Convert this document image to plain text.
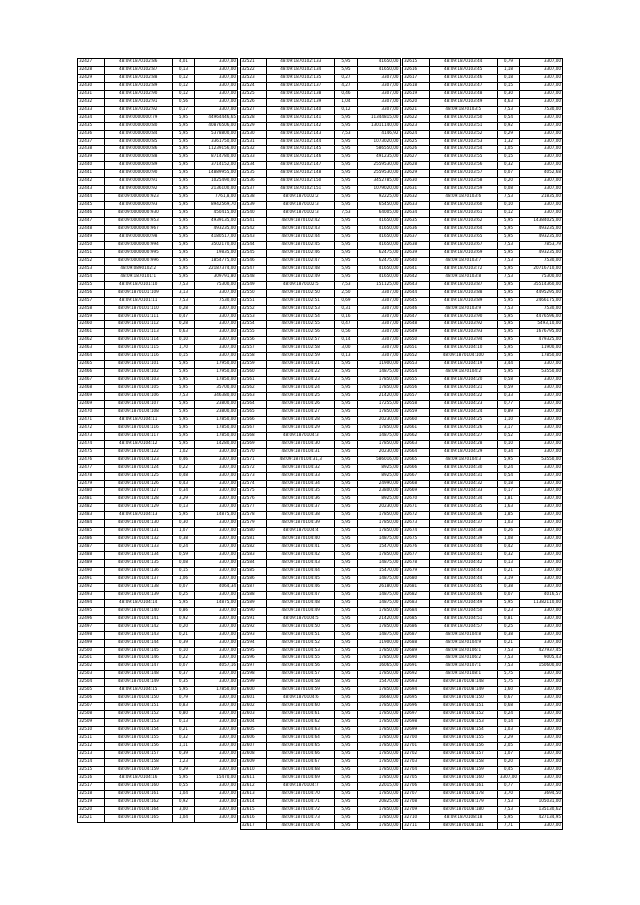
32427	48:09:1870102:86	4,01	3307,00
32428	48:09:1870102:87	0,13	3307,00
32429	48:09:1870102:88	0,12	3307,00
32430	48:09:1870102:89	0,12	3307,00
32431	48:09:1870102:90	0,12	3307,00
32432	48:09:1870102:91	0,56	3307,00
32433	48:09:1870102:92	0,17	3307,00
32434	48:09:0000000:79	5,95	44964446,65
32435	48:09:0000000:80	5,95	40876506,00
32436	48:09:0000000:84	5,95	5378800,00
32437	48:09:0000000:85	5,95	3361750,00
32438	48:09:0000000:86	5,95	11239156,00
32439	48:09:0000000:88	5,95	8714780,00
32440	48:09:0000000:89	5,95	3714152,00
32441	48:09:0000000:90	5,95	14889955,00
32442	48:09:0000000:91	5,95	1025490,00
32443	48:09:0000000:92	5,95	2136100,00
32444	48:09:0000000:923	5,95	7761,8,00
32445	48:09:0000000:93	5,95	8942569,70
32446	48:09:0000000:930	5,95	450415,00
32447	48:09:0000000:953	5,95	4939135,00
32448	48:09:0000000:967	5,95	493235,00
32449	48:09:0000000:98	5,95	4180517,00
32450	48:09:0000000:994	5,95	3502170,00
32451	48:09:0000000:995	5,95	19835,00
32452	48:09:0000000:996	5,95	1854775,00
32453	48:09:0890102:2	5,95	22187374,00
32454	48:09:1870101:1	5,95	309791,80
32455	48:09:1870101:10	7,53	75300,00
32456	48:09:1870101:109	3,13	3307,00
32457	48:09:1870101:11	7,53	7530,00
32458	48:09:1870101:110	0,28	3307,00
32459	48:09:1870101:111	0,47	3307,00
32460	48:09:1870101:112	0,28	3307,00
32461	48:09:1870101:113	0,63	3307,00
32462	48:09:1870101:114	0,10	3307,00
32463	48:09:1870101:115	1,70	3307,00
32464	48:09:1870101:116	0,15	3307,00
32465	48:09:1870101:101	5,95	17950,00
32466	48:09:1870104:102	5,95	17950,00
32467	48:09:1870104:103	5,95	17850,00
32468	48:09:1870104:105	5,95	35700,00
32469	48:09:1870104:106	7,53	346380,00
32469	48:09:1870104:107	5,95	23800,00
32470	48:09:1870104:108	5,95	23800,00
32471	48:09:1870104:11	5,95	17850,00
32472	48:09:1870104:116	5,95	17850,00
32473	48:09:1870104:117	5,95	17850,00
32474	48:09:1870104:12	5,95	14280,00
32475	48:09:1870104:122	1,02	3307,00
32476	48:09:1870104:123	0,46	3307,00
32477	48:09:1870104:124	0,22	3307,00
32478	48:09:1870104:125	0,48	3307,00
32479	48:09:1870104:126	0,43	3307,00
32480	48:09:1870104:127	0,34	3307,00
32481	48:09:1870104:128	3,29	3307,00
32482	48:09:1870104:129	0,13	3307,00
32483	48:09:1870104:13	5,95	14875,00
32484	48:09:1870104:130	0,30	3307,00
32485	48:09:1870104:131	1,07	3307,00
32486	48:09:1870104:132	0,38	3307,00
32487	48:09:1870104:133	0,24	3307,00
32488	48:09:1870104:134	0,59	3307,00
32489	48:09:1870104:135	0,08	3307,00
32490	48:09:1870104:136	0,15	3307,00
32491	48:09:1870104:137	1,06	3307,00
32492	48:09:1870104:138	0,07	4064,34
32493	48:09:1870104:139	0,25	3307,00
32494	48:09:1870104:14	5,95	14875,00
32495	48:09:1870104:140	0,86	3307,00
32496	48:09:1870104:141	0,92	3307,00
32497	48:09:1870104:142	0,20	3307,00
32498	48:09:1870104:143	0,21	3307,00
32499	48:09:1870104:144	0,39	3307,00
32500	48:09:1870104:145	0,10	3307,00
32501	48:09:1870104:146	0,22	3307,00
32502	48:09:1870104:147	0,07	4057,16
32503	48:09:1870104:148	0,37	3307,00
32504	48:09:1870104:149	0,35	3307,00
32505	48:09:1870104:15	5,95	17850,00
32506	48:09:1870104:150	0,79	3307,00
32507	48:09:1870104:151	0,83	3307,00
32508	48:09:1870104:152	0,80	3307,00
32509	48:09:1870104:153	0,13	3307,00
32510	48:09:1870104:154	0,21	3307,00
32511	48:09:1870104:155	0,32	3307,00
32512	48:09:1870104:156	1,11	3307,00
32513	48:09:1870104:157	0,39	3307,00
32514	48:09:1870104:158	1,23	3307,00
32515	48:09:1870104:159	0,29	3307,00
32516	48:09:1870104:16	5,95	15470,00
32517	48:09:1870104:160	0,55	3307,00
32518	48:09:1870104:161	1,04	3307,00
32519	48:09:1870104:162	0,92	3307,00
32520	48:09:1870104:164	3,00	3307,00
32521	48:09:1870104:165	1,04	3307,00
32521	48:09:1870102:133	5,95	41650,00
32522	48:09:1870102:134	5,95	41650,00
32523	48:09:1870102:135	0,27	3307,00
32524	48:09:1870102:137	4,27	3307,00
32525	48:09:1870102:138	0,46	3307,00
32526	48:09:1870102:139	1,04	3307,00
32527	48:09:1870102:140	0,12	3307,00
32528	48:09:1870102:141	5,95	11344815,00
32529	48:09:1870102:142	5,95	13011140,00
32530	48:09:1870102:143	7,53	4146,92
32531	48:09:1870102:144	5,95	1073020,00
32532	48:09:1870102:145	5,95	586550,00
32533	48:09:1870102:146	5,95	491235,00
32534	48:09:1870102:147	5,95	2559530,00
32535	48:09:1870102:148	5,95	2559530,00
32536	48:09:1870102:150	5,95	3452785,00
32537	48:09:1870102:151	5,95	1079020,00
32538	48:09:1870102:2	5,95	92225,00
32539	48:09:1870102:3	5,95	65450,00
32540	48:09:1870102:3	7,53	64005,00
32541	48:09:1870102:42	5,95	41650,00
32542	48:09:1870102:43	5,95	41650,00
32543	48:09:1870102:44	5,95	41650,00
32544	48:09:1870102:45	5,95	41650,00
32545	48:09:1870102:46	5,95	62475,00
32546	48:09:1870102:47	5,95	62475,00
32547	48:09:1870102:48	5,95	41650,00
32548	48:09:1870102:49	5,95	41650,00
32549	48:09:1870102:5	7,53	151125,00
32550	48:09:1870102:50	2,50	3307,00
32551	48:09:1870102:51	0,69	3307,00
32552	48:09:1870102:53	0,31	3307,00
32553	48:09:1870102:54	0,16	3307,00
32554	48:09:1870102:55	0,47	3307,00
32555	48:09:1870102:56	0,56	3307,00
32556	48:09:1870102:57	0,14	3307,00
32557	48:09:1870102:58	3,00	3307,00
32558	48:09:1870102:59	0,13	3307,00
32559	48:09:1870104:21	5,95	11900,00
32560	48:09:1870104:22	5,95	14875,00
32561	48:09:1870104:23	5,95	17850,00
32562	48:09:1870104:24	5,95	17850,00
32563	48:09:1870104:25	5,95	21420,00
32564	48:09:1870104:26	5,95	17255,00
32565	48:09:1870104:27	5,95	17850,00
32566	48:09:1870104:28	5,95	20230,00
32567	48:09:1870104:29	5,95	17850,00
32568	48:09:1870104:3	5,95	14875,00
32569	48:09:1870104:30	5,95	17850,00
32570	48:09:1870104:31	5,95	20230,00
32571	48:09:1870104:31,3	5,95	586016,00
32572	48:09:1870104:32	5,95	8925,00
32573	48:09:1870104:33	5,95	8925,00
32574	48:09:1870104:34	5,95	24990,00
32575	48:09:1870104:35	5,95	23800,00
32576	48:09:1870104:36	5,95	8925,00
32577	48:09:1870104:37	5,95	20230,00
32578	48:09:1870104:38	5,95	17850,00
32579	48:09:1870104:39	5,95	17850,00
32580	48:09:1870104:4	5,95	17850,00
32581	48:09:1870104:40	5,95	14875,00
32582	48:09:1870104:41	5,95	15470,00
32583	48:09:1870104:42	5,95	17850,00
32584	48:09:1870104:43	5,95	14875,00
32585	48:09:1870104:44	5,95	15470,00
32586	48:09:1870104:45	5,95	14875,00
32587	48:09:1870104:46	5,95	26180,00
32588	48:09:1870104:47	5,95	14875,00
32589	48:09:1870104:48	5,95	14875,00
32590	48:09:1870104:49	5,95	17850,00
32591	48:09:1870104:5	5,95	21420,00
32592	48:09:1870104:50	5,95	17850,00
32593	48:09:1870104:51	5,95	14875,00
32594	48:09:1870104:52	5,95	11900,00
32595	48:09:1870104:53	5,95	17850,00
32596	48:09:1870104:55	5,95	17850,00
32597	48:09:1870104:56	5,95	16065,00
32598	48:09:1870104:57	5,95	17850,00
32599	48:09:1870104:58	5,95	15470,00
32600	48:09:1870104:59	5,95	17850,00
32601	48:09:1870104:6	5,95	16660,00
32602	48:09:1870104:60	5,95	17850,00
32603	48:09:1870104:61	5,95	17850,00
32604	48:09:1870104:62	5,95	17850,00
32605	48:09:1870104:63	5,95	17850,00
32606	48:09:1870104:64	5,95	17850,00
32607	48:09:1870104:65	5,95	17850,00
32608	48:09:1870104:66	5,95	17850,00
32609	48:09:1870104:67	5,95	17850,00
32610	48:09:1870104:68	5,95	17850,00
32611	48:09:1870104:69	5,95	17850,00
32612	48:09:1870104:7	5,95	22015,00
32613	48:09:1870104:70	5,95	17850,00
32614	48:09:1870104:71	5,95	20825,00
32615	48:09:1870104:72	5,95	17850,00
32616	48:09:1870104:73	5,95	17850,00
32617	48:09:1870104:74	5,95	17850,00
32615	48:09:1870103:44	0,79	3307,00
32616	48:09:1870103:45	1,18	3307,00
32617	48:09:1870103:46	0,18	3307,00
32618	48:09:1870103:47	0,15	3307,00
32619	48:09:1870103:48	0,30	3307,00
32620	48:09:1870103:49	4,63	3307,00
32621	48:09:1870103:5	7,53	7530,00
32622	48:09:1870103:50	0,54	3307,00
32623	48:09:1870103:51	0,92	3307,00
32624	48:09:1870103:52	0,29	3307,00
32625	48:09:1870103:53	1,32	3307,00
32626	48:09:1870103:54	1,05	3307,00
32627	48:09:1870103:55	0,15	3307,00
32628	48:09:1870103:56	0,32	3307,00
32629	48:09:1870103:57	0,07	4052,68
32630	48:09:1870103:58	0,20	3307,00
32631	48:09:1870103:59	0,08	3307,00
32632	48:09:1870103:6	7,53	21835,00
32633	48:09:1870103:60	0,10	3307,00
32634	48:09:1870103:61	0,12	3307,00
32635	48:09:1870103:62	5,95	14384025,00
32636	48:09:1870103:64	5,95	493235,00
32637	48:09:1870103:65	5,95	493235,00
32638	48:09:1870103:67	7,53	7853,79
32639	48:09:1870103:69	5,95	493235,00
32640	48:09:1870103:7	7,53	7530,00
32641	48:09:1870103:72	5,95	20716710,00
32642	48:09:1870103:8	7,53	75300,00
32643	48:09:1870103:87	5,95	35514360,00
32644	48:09:1870103:88	5,95	4495295,00
32645	48:09:1870103:89	5,95	2466175,00
32646	48:09:1870103:9	7,53	7530,00
32647	48:09:1870103:90	5,95	4476596,00
32648	48:09:1870103:92	5,95	5493,10,00
32649	48:09:1870103:93	5,95	1676795,00
32650	48:09:1870103:94	5,95	479325,00
32651	48:09:1870104:10	5,95	11900,00
32652	48:09:1870104:100	5,95	17850,00
32653	48:09:1870104:19	3,44	3307,00
32654	48:09:1870104:2	5,95	53550,00
32655	48:09:1870104:20	0,58	3307,00
32656	48:09:1870104:21	0,59	3307,00
32657	48:09:1870104:22	0,33	3307,00
32658	48:09:1870104:23	0,77	3307,00
32659	48:09:1870104:24	0,89	3307,00
32660	48:09:1870104:25	1,10	3307,00
32661	48:09:1870104:26	3,17	3307,00
32662	48:09:1870104:27	0,52	3307,00
32663	48:09:1870104:28	0,10	3307,00
32664	48:09:1870104:29	0,34	3307,00
32665	48:09:1870104:3	5,95	53550,00
32666	48:09:1870104:30	0,24	3307,00
32667	48:09:1870104:31	0,54	3307,00
32668	48:09:1870104:32	0,18	3307,00
32669	48:09:1870104:33	0,17	3307,00
32670	48:09:1870104:34	1,81	3307,00
32671	48:09:1870104:35	1,63	3307,00
32672	48:09:1870104:36	1,85	3307,00
32673	48:09:1870104:37	1,03	3307,00
32674	48:09:1870104:38	0,26	3307,00
32675	48:09:1870104:39	1,08	3307,00
32676	48:09:1870104:40	0,42	3307,00
32677	48:09:1870104:41	0,32	3307,00
32678	48:09:1870104:42	0,13	3307,00
32679	48:09:1870104:43	0,21	3307,00
32680	48:09:1870104:44	3,19	3307,00
32681	48:09:1870104:45	0,38	3307,00
32682	48:09:1870104:46	0,07	4016,57
32683	48:09:1870104:49	5,95	11382110,00
32684	48:09:1870104:50	0,23	3307,00
32685	48:09:1870104:51	0,81	3307,00
32686	48:09:1870104:57	0,25	3307,00
32687	48:09:1870104:8	0,38	3307,00
32688	48:09:1870104:9	0,21	3307,00
32689	48:09:1870106:1	7,53	427937,45
32690	48:09:1870106:2	7,53	9005,43
32691	48:09:1870107:1	7,53	150600,00
32692	48:09:1870108:1	5,75	3307,00
32693	48:09:1870108:148	5,75	3307,00
32694	48:09:1870108:149	1,60	3307,00
32695	48:09:1870108:150	0,67	3307,00
32696	48:09:1870108:151	0,68	3307,00
32697	48:09:1870108:152	0,24	3307,00
32698	48:09:1870108:153	0,14	3307,00
32699	48:09:1870108:154	1,03	3307,00
32700	48:09:1870108:155	2,29	3307,00
32701	48:09:1870108:156	2,05	3307,00
32702	48:09:1870108:157	1,07	3307,00
32703	48:09:1870108:158	0,20	3307,00
32704	48:09:1870108:159	0,45	3307,00
32705	48:09:1870108:160	3307,00	3307,00
32706	48:09:1870108:161	0,77	3307,00
32707	48:09:1870108:178	3,70	3694,50
32708	48:09:1870108:179	7,53	105031,00
32709	48:09:1870108:180	7,53	135130,62
32710	48:09:1870108:18	5,95	427134,95
32711	48:09:1870108:181	7,71	3307,00
